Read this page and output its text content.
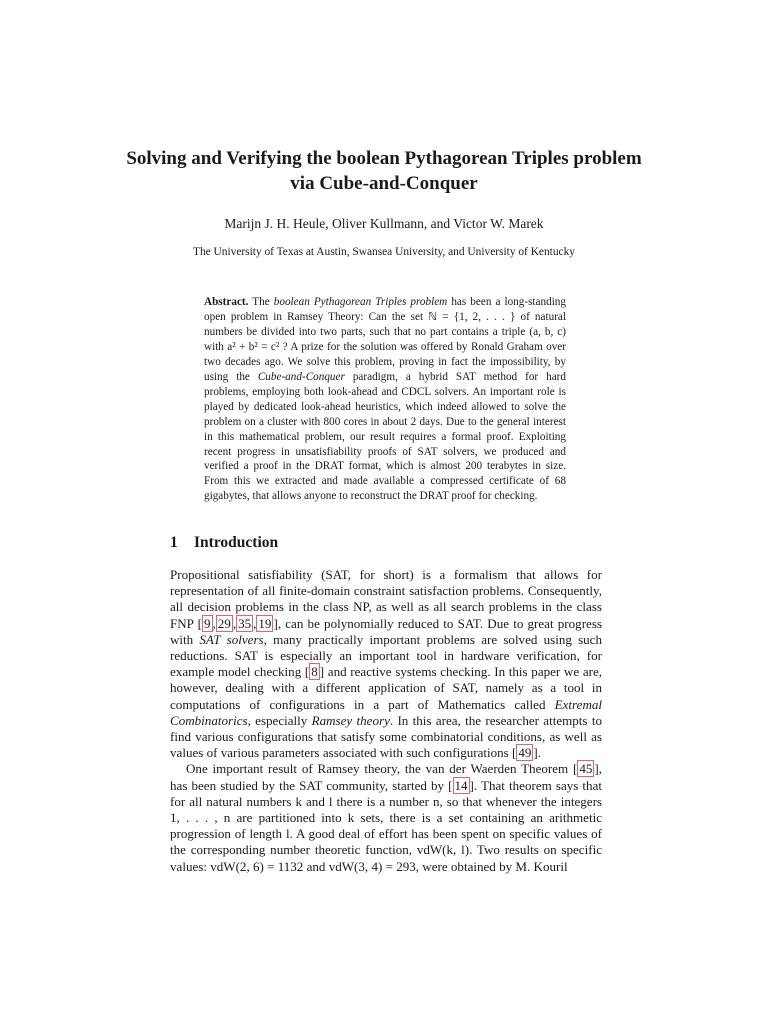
Solving and Verifying the boolean Pythagorean Triples problem via Cube-and-Conquer
Marijn J. H. Heule, Oliver Kullmann, and Victor W. Marek
The University of Texas at Austin, Swansea University, and University of Kentucky
Abstract. The boolean Pythagorean Triples problem has been a long-standing open problem in Ramsey Theory: Can the set ℕ = {1, 2, . . . } of natural numbers be divided into two parts, such that no part contains a triple (a, b, c) with a² + b² = c² ? A prize for the solution was offered by Ronald Graham over two decades ago. We solve this problem, proving in fact the impossibility, by using the Cube-and-Conquer paradigm, a hybrid SAT method for hard problems, employing both look-ahead and CDCL solvers. An important role is played by dedicated look-ahead heuristics, which indeed allowed to solve the problem on a cluster with 800 cores in about 2 days. Due to the general interest in this mathematical problem, our result requires a formal proof. Exploiting recent progress in unsatisfiability proofs of SAT solvers, we produced and verified a proof in the DRAT format, which is almost 200 terabytes in size. From this we extracted and made available a compressed certificate of 68 gigabytes, that allows anyone to reconstruct the DRAT proof for checking.
1 Introduction

Propositional satisfiability (SAT, for short) is a formalism that allows for representation of all finite-domain constraint satisfaction problems. Consequently, all decision problems in the class NP, as well as all search problems in the class FNP [ 9 , 29 , 35 , 19 ], can be polynomially reduced to SAT. Due to great progress with SAT solvers, many practically important problems are solved using such reductions. SAT is especially an important tool in hardware verification, for example model checking [ 8 ] and reactive systems checking. In this paper we are, however, dealing with a different application of SAT, namely as a tool in computations of configurations in a part of Mathematics called Extremal Combinatorics, especially Ramsey theory. In this area, the researcher attempts to find various configurations that satisfy some combinatorial conditions, as well as values of various parameters associated with such configurations [ 49 ].

One important result of Ramsey theory, the van der Waerden Theorem [ 45 ], has been studied by the SAT community, started by [ 14 ]. That theorem says that for all natural numbers k and l there is a number n, so that whenever the integers 1, . . . , n are partitioned into k sets, there is a set containing an arithmetic progression of length l. A good deal of effort has been spent on specific values of the corresponding number theoretic function, vdW(k, l). Two results on specific values: vdW(2, 6) = 1132 and vdW(3, 4) = 293, were obtained by M. Kouril
